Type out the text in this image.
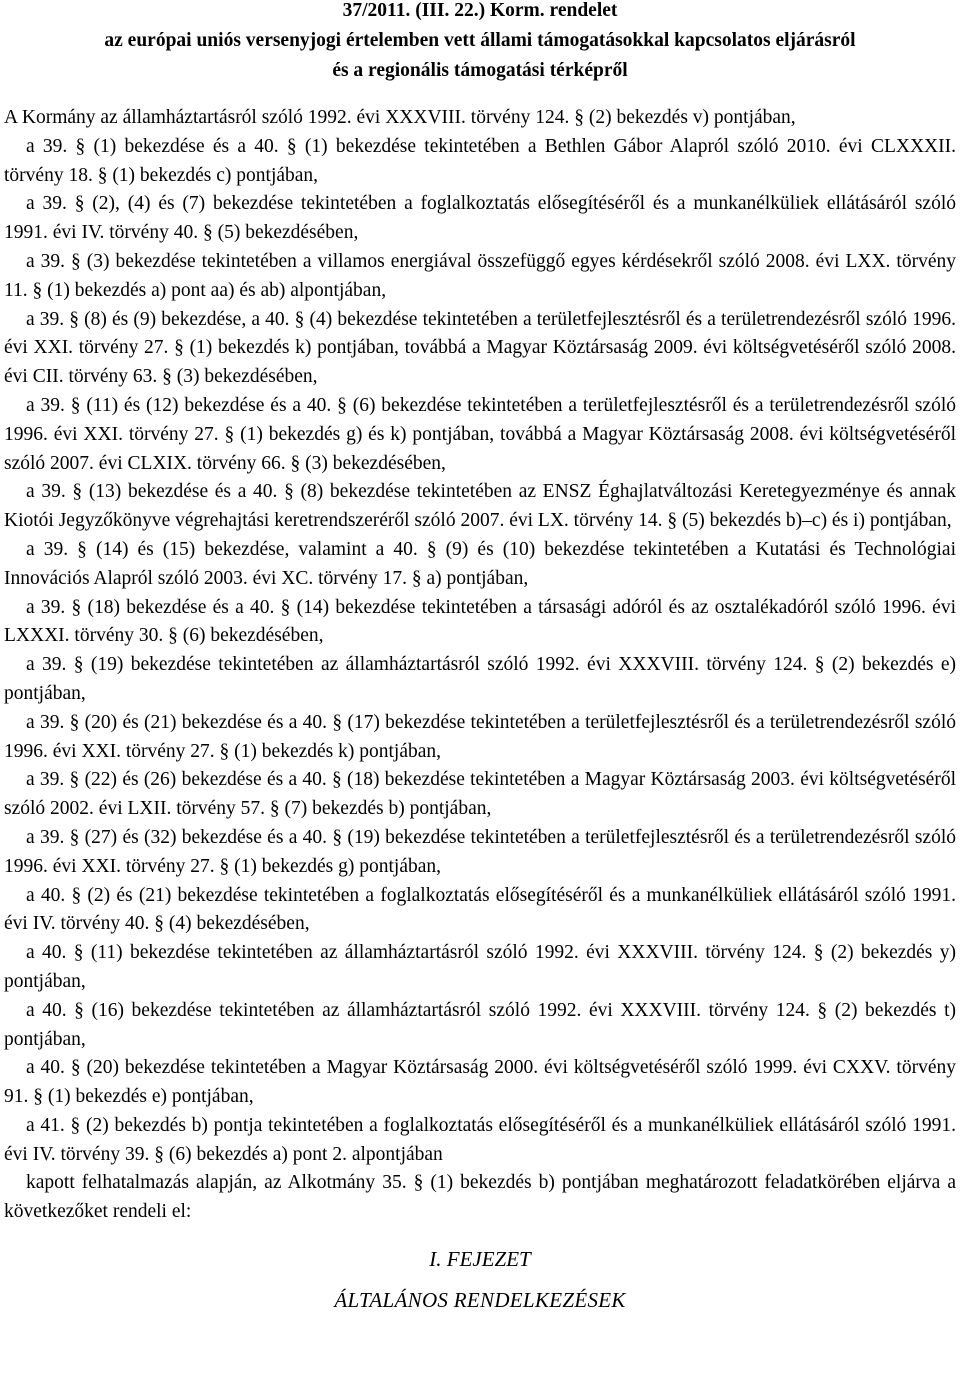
37/2011. (III. 22.) Korm. rendelet
az európai uniós versenyjogi értelemben vett állami támogatásokkal kapcsolatos eljárásról
és a regionális támogatási térképről

A Kormány az államháztartásról szóló 1992. évi XXXVIII. törvény 124. § (2) bekezdés v) pontjában,

a 39. § (1) bekezdése és a 40. § (1) bekezdése tekintetében a Bethlen Gábor Alapról szóló 2010. évi CLXXXII. törvény 18. § (1) bekezdés c) pontjában,

a 39. § (2), (4) és (7) bekezdése tekintetében a foglalkoztatás elősegítéséről és a munkanélküliek ellátásáról szóló 1991. évi IV. törvény 40. § (5) bekezdésében,

a 39. § (3) bekezdése tekintetében a villamos energiával összefüggő egyes kérdésekről szóló 2008. évi LXX. törvény 11. § (1) bekezdés a) pont aa) és ab) alpontjában,

a 39. § (8) és (9) bekezdése, a 40. § (4) bekezdése tekintetében a területfejlesztésről és a területrendezésről szóló 1996. évi XXI. törvény 27. § (1) bekezdés k) pontjában, továbbá a Magyar Köztársaság 2009. évi költségvetéséről szóló 2008. évi CII. törvény 63. § (3) bekezdésében,

a 39. § (11) és (12) bekezdése és a 40. § (6) bekezdése tekintetében a területfejlesztésről és a területrendezésről szóló 1996. évi XXI. törvény 27. § (1) bekezdés g) és k) pontjában, továbbá a Magyar Köztársaság 2008. évi költségvetéséről szóló 2007. évi CLXIX. törvény 66. § (3) bekezdésében,

a 39. § (13) bekezdése és a 40. § (8) bekezdése tekintetében az ENSZ Éghajlatváltozási Keretegyezménye és annak Kiotói Jegyzőkönyve végrehajtási keretrendszeréről szóló 2007. évi LX. törvény 14. § (5) bekezdés b)–c) és i) pontjában,

a 39. § (14) és (15) bekezdése, valamint a 40. § (9) és (10) bekezdése tekintetében a Kutatási és Technológiai Innovációs Alapról szóló 2003. évi XC. törvény 17. § a) pontjában,

a 39. § (18) bekezdése és a 40. § (14) bekezdése tekintetében a társasági adóról és az osztalékadóról szóló 1996. évi LXXXI. törvény 30. § (6) bekezdésében,

a 39. § (19) bekezdése tekintetében az államháztartásról szóló 1992. évi XXXVIII. törvény 124. § (2) bekezdés e) pontjában,

a 39. § (20) és (21) bekezdése és a 40. § (17) bekezdése tekintetében a területfejlesztésről és a területrendezésről szóló 1996. évi XXI. törvény 27. § (1) bekezdés k) pontjában,

a 39. § (22) és (26) bekezdése és a 40. § (18) bekezdése tekintetében a Magyar Köztársaság 2003. évi költségvetéséről szóló 2002. évi LXII. törvény 57. § (7) bekezdés b) pontjában,

a 39. § (27) és (32) bekezdése és a 40. § (19) bekezdése tekintetében a területfejlesztésről és a területrendezésről szóló 1996. évi XXI. törvény 27. § (1) bekezdés g) pontjában,

a 40. § (2) és (21) bekezdése tekintetében a foglalkoztatás elősegítéséről és a munkanélküliek ellátásáról szóló 1991. évi IV. törvény 40. § (4) bekezdésében,

a 40. § (11) bekezdése tekintetében az államháztartásról szóló 1992. évi XXXVIII. törvény 124. § (2) bekezdés y) pontjában,

a 40. § (16) bekezdése tekintetében az államháztartásról szóló 1992. évi XXXVIII. törvény 124. § (2) bekezdés t) pontjában,

a 40. § (20) bekezdése tekintetében a Magyar Köztársaság 2000. évi költségvetéséről szóló 1999. évi CXXV. törvény 91. § (1) bekezdés e) pontjában,

a 41. § (2) bekezdés b) pontja tekintetében a foglalkoztatás elősegítéséről és a munkanélküliek ellátásáról szóló 1991. évi IV. törvény 39. § (6) bekezdés a) pont 2. alpontjában

kapott felhatalmazás alapján, az Alkotmány 35. § (1) bekezdés b) pontjában meghatározott feladatkörében eljárva a következőket rendeli el:

I. FEJEZET
ÁLTALÁNOS RENDELKEZÉSEK
